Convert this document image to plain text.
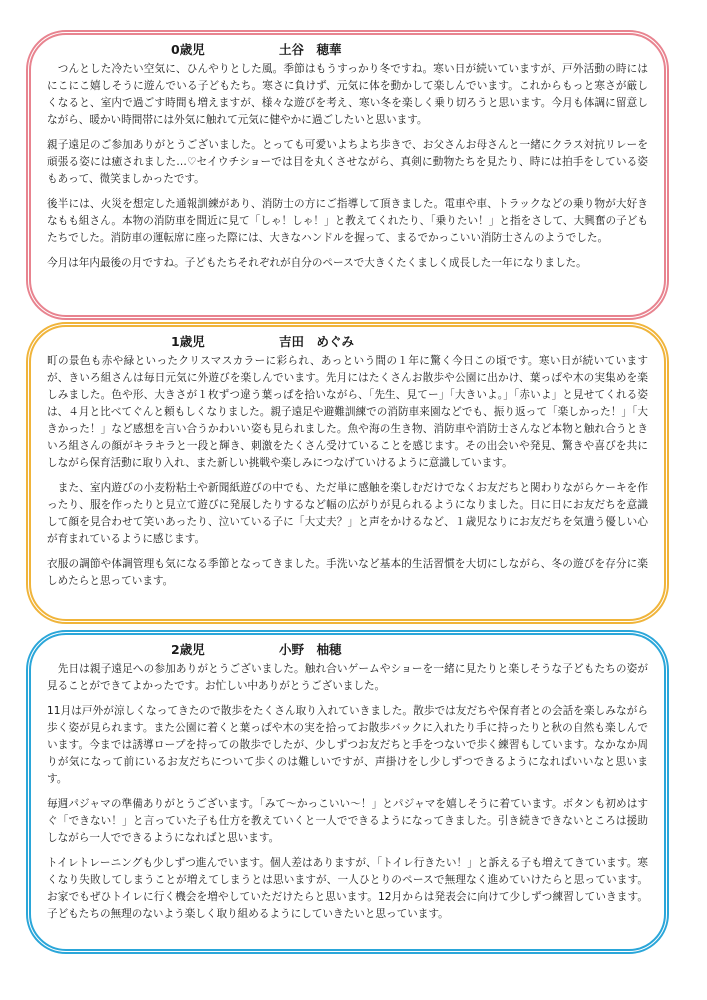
0歳児	土谷　穂華

　つんとした冷たい空気に、ひんやりとした風。季節はもうすっかり冬ですね。寒い日が続いていますが、戸外活動の時にはにこにこ嬉しそうに遊んでいる子どもたち。寒さに負けず、元気に体を動かして楽しんでいます。これからもっと寒さが厳しくなると、室内で過ごす時間も増えますが、様々な遊びを考え、寒い冬を楽しく乗り切ろうと思います。今月も体調に留意しながら、暖かい時間帯には外気に触れて元気に健やかに過ごしたいと思います。

親子遠足のご参加ありがとうございました。とっても可愛いよちよち歩きで、お父さんお母さんと一緒にクラス対抗リレーを頑張る姿には癒されました…♡セイウチショーでは目を丸くさせながら、真剣に動物たちを見たり、時には拍手をしている姿もあって、微笑ましかったです。

後半には、火災を想定した通報訓練があり、消防士の方にご指導して頂きました。電車や車、トラックなどの乗り物が大好きなもも組さん。本物の消防車を間近に見て「しゃ！しゃ！」と教えてくれたり、「乗りたい！」と指をさして、大興奮の子どもたちでした。消防車の運転席に座った際には、大きなハンドルを握って、まるでかっこいい消防士さんのようでした。

今月は年内最後の月ですね。子どもたちそれぞれが自分のペースで大きくたくましく成長した一年になりました。

1歳児	吉田　めぐみ

町の景色も赤や緑といったクリスマスカラーに彩られ、あっという間の１年に驚く今日この頃です。寒い日が続いていますが、きいろ組さんは毎日元気に外遊びを楽しんでいます。先月にはたくさんお散歩や公園に出かけ、葉っぱや木の実集めを楽しみました。色や形、大きさが１枚ずつ違う葉っぱを拾いながら、「先生、見てー」「大きいよ。」「赤いよ」と見せてくれる姿は、４月と比べてぐんと頼もしくなりました。親子遠足や避難訓練での消防車来園などでも、振り返って「楽しかった！」「大きかった！」など感想を言い合うかわいい姿も見られました。魚や海の生き物、消防車や消防士さんなど本物と触れ合うときいろ組さんの顔がキラキラと一段と輝き、刺激をたくさん受けていることを感じます。その出会いや発見、驚きや喜びを共にしながら保育活動に取り入れ、また新しい挑戦や楽しみにつなげていけるように意識しています。

　また、室内遊びの小麦粉粘土や新聞紙遊びの中でも、ただ単に感触を楽しむだけでなくお友だちと関わりながらケーキを作ったり、服を作ったりと見立て遊びに発展したりするなど幅の広がりが見られるようになりました。日に日にお友だちを意識して顔を見合わせて笑いあったり、泣いている子に「大丈夫？」と声をかけるなど、１歳児なりにお友だちを気遣う優しい心が育まれているように感じます。

衣服の調節や体調管理も気になる季節となってきました。手洗いなど基本的生活習慣を大切にしながら、冬の遊びを存分に楽しめたらと思っています。

2歳児	小野　柚穂

　先日は親子遠足への参加ありがとうございました。触れ合いゲームやショーを一緒に見たりと楽しそうな子どもたちの姿が見ることができてよかったです。お忙しい中ありがとうございました。

11月は戸外が涼しくなってきたので散歩をたくさん取り入れていきました。散歩では友だちや保育者との会話を楽しみながら歩く姿が見られます。また公園に着くと葉っぱや木の実を拾ってお散歩バックに入れたり手に持ったりと秋の自然も楽しんでいます。今までは誘導ロープを持っての散歩でしたが、少しずつお友だちと手をつないで歩く練習もしています。なかなか周りが気になって前にいるお友だちについて歩くのは難しいですが、声掛けをし少しずつできるようになればいいなと思います。

毎週パジャマの準備ありがとうございます。「みて～かっこいい～！」とパジャマを嬉しそうに着ています。ボタンも初めはすぐ「できない！」と言っていた子も仕方を教えていくと一人でできるようになってきました。引き続きできないところは援助しながら一人でできるようになればと思います。

トイレトレーニングも少しずつ進んでいます。個人差はありますが、「トイレ行きたい！」と訴える子も増えてきています。寒くなり失敗してしまうことが増えてしまうとは思いますが、一人ひとりのペースで無理なく進めていけたらと思っています。お家でもぜひトイレに行く機会を増やしていただけたらと思います。12月からは発表会に向けて少しずつ練習していきます。子どもたちの無理のないよう楽しく取り組めるようにしていきたいと思っています。
